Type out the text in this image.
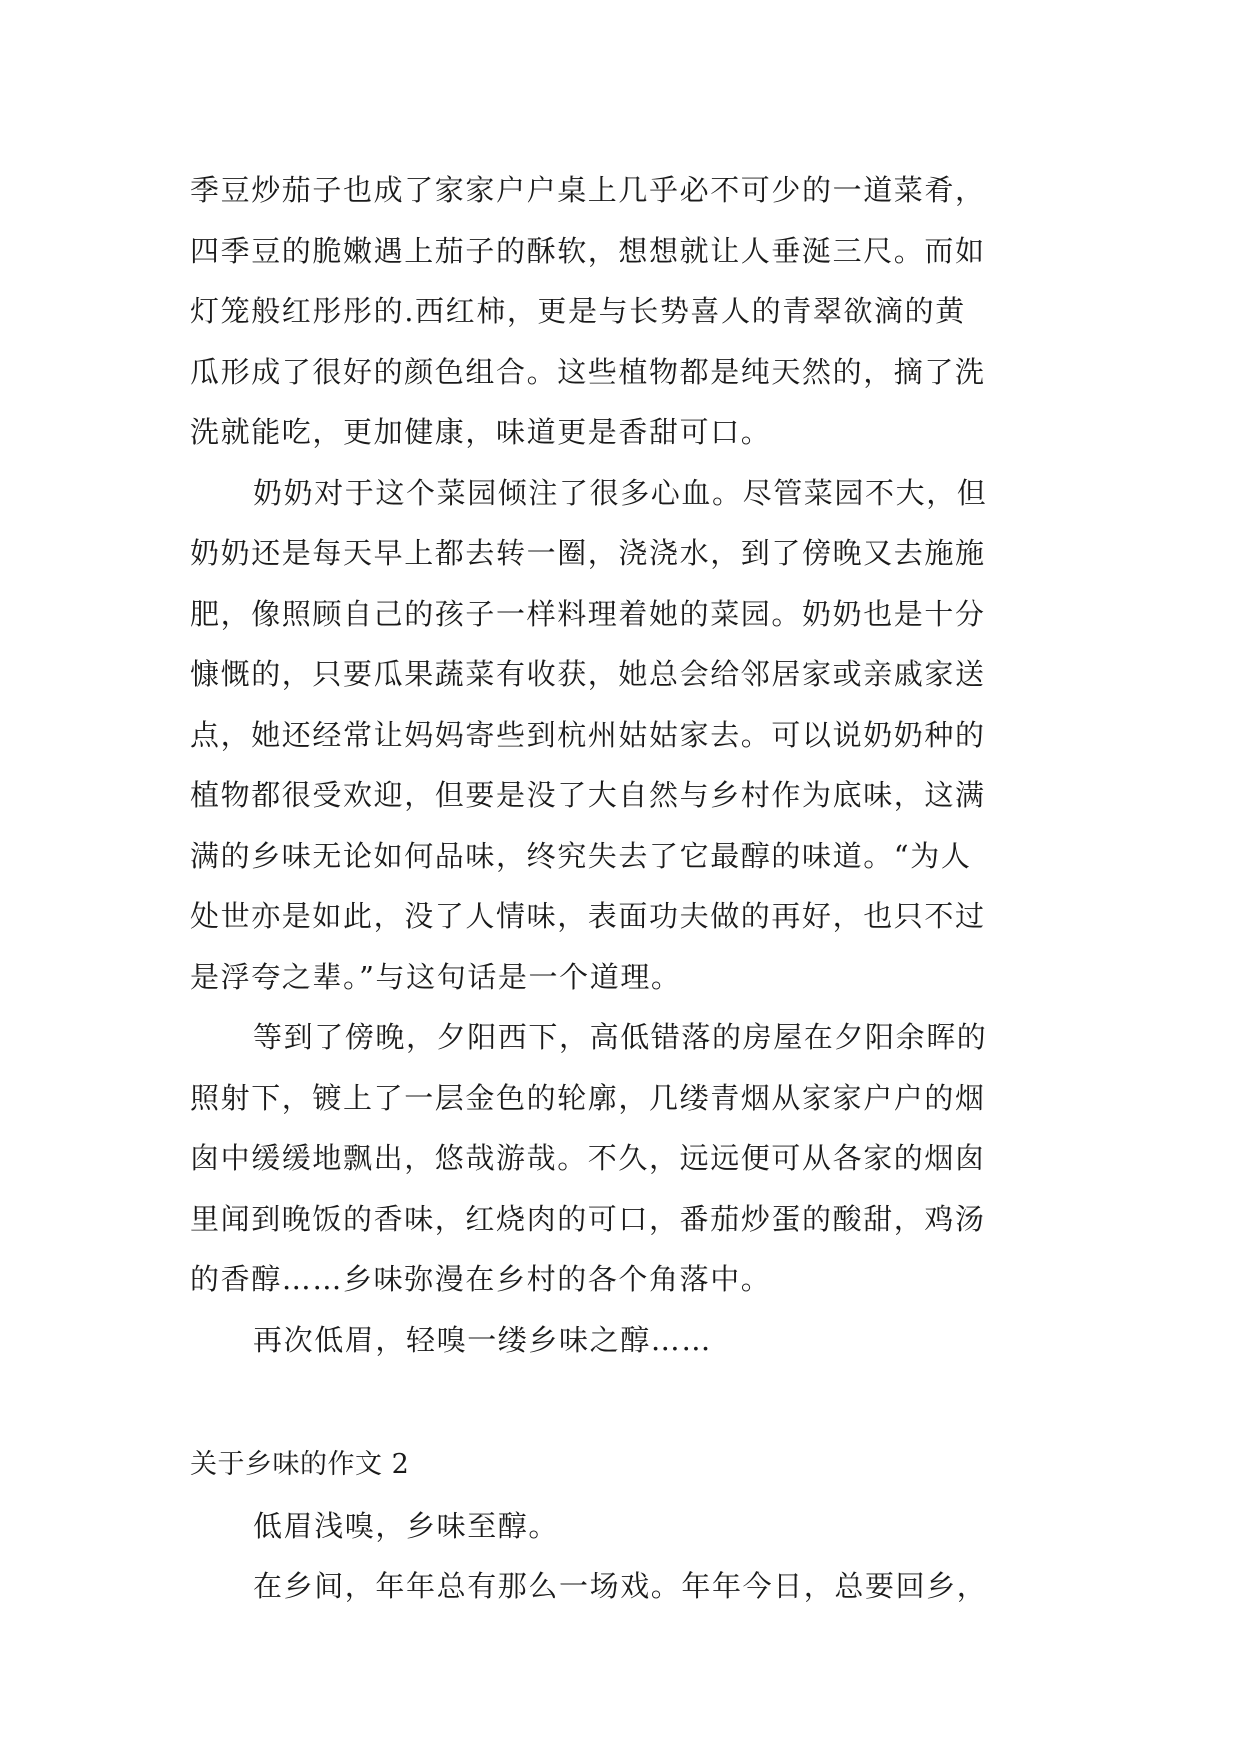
季豆炒茄子也成了家家户户桌上几乎必不可少的一道菜肴，
四季豆的脆嫩遇上茄子的酥软，想想就让人垂涎三尺。而如
灯笼般红彤彤的.西红柿，更是与长势喜人的青翠欲滴的黄
瓜形成了很好的颜色组合。这些植物都是纯天然的，摘了洗
洗就能吃，更加健康，味道更是香甜可口。
奶奶对于这个菜园倾注了很多心血。尽管菜园不大，但
奶奶还是每天早上都去转一圈，浇浇水，到了傍晚又去施施
肥，像照顾自己的孩子一样料理着她的菜园。奶奶也是十分
慷慨的，只要瓜果蔬菜有收获，她总会给邻居家或亲戚家送
点，她还经常让妈妈寄些到杭州姑姑家去。可以说奶奶种的
植物都很受欢迎，但要是没了大自然与乡村作为底味，这满
满的乡味无论如何品味，终究失去了它最醇的味道。“为人
处世亦是如此，没了人情味，表面功夫做的再好，也只不过
是浮夸之辈。”与这句话是一个道理。
等到了傍晚，夕阳西下，高低错落的房屋在夕阳余晖的
照射下，镀上了一层金色的轮廓，几缕青烟从家家户户的烟
囱中缓缓地飘出，悠哉游哉。不久，远远便可从各家的烟囱
里闻到晚饭的香味，红烧肉的可口，番茄炒蛋的酸甜，鸡汤
的香醇……乡味弥漫在乡村的各个角落中。
再次低眉，轻嗅一缕乡味之醇……
关于乡味的作文 2
低眉浅嗅，乡味至醇。
在乡间，年年总有那么一场戏。年年今日，总要回乡，
